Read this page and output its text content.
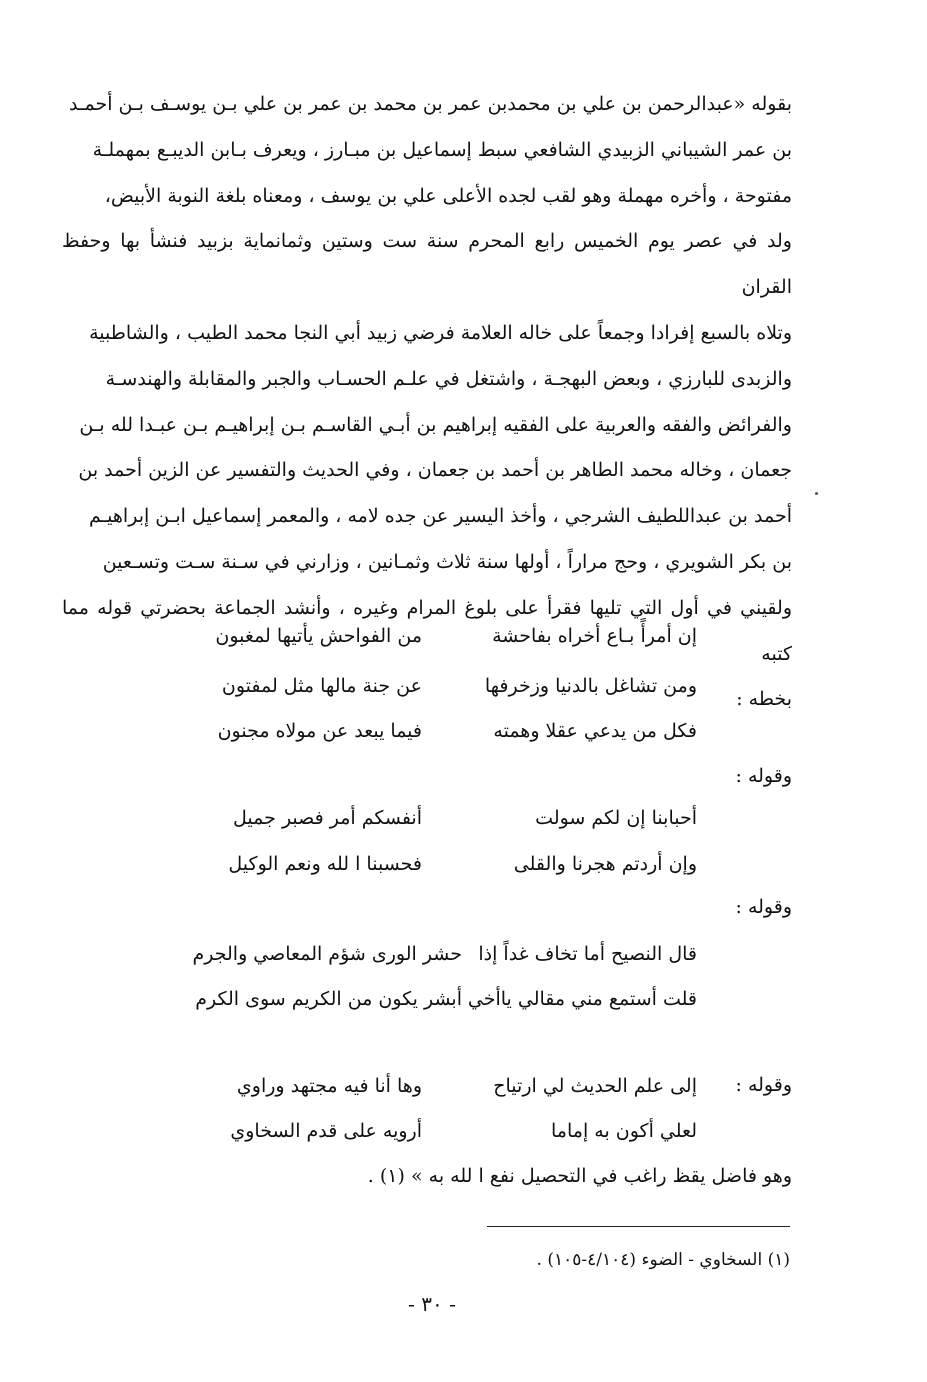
بقوله «عبدالرحمن بن علي بن محمدبن عمر بن محمد بن عمر بن علي بـن يوسـف بـن أحمـد
بن عمر الشيباني الزبيدي الشافعي سبط إسماعيل بن مبـارز ، ويعرف بـابن الديبـع بمهملـة
مفتوحة ، وأخره مهملة وهو لقب لجده الأعلى علي بن يوسف ، ومعناه بلغة النوبة الأبيض،
ولد في عصر يوم الخميس رابع المحرم سنة ست وستين وثمانماية بزبيد فنشأ بها وحفظ القران
وتلاه بالسبع إفرادا وجمعاً على خاله العلامة فرضي زبيد أبي النجا محمد الطيب ، والشاطبية
والزبدى للبارزي ، وبعض البهجـة ، واشتغل في علـم الحسـاب والجبر والمقابلة والهندسـة
والفرائض والفقه والعربية على الفقيه إبراهيم بن أبـي القاسـم بـن إبراهيـم بـن عبـدا لله بـن
جعمان ، وخاله محمد الطاهر بن أحمد بن جعمان ، وفي الحديث والتفسير عن الزين أحمد بن
أحمد بن عبداللطيف الشرجي ، وأخذ اليسير عن جده لامه ، والمعمر إسماعيل ابـن إبراهيـم
بن بكر الشويري ، وحج مراراً ، أولها سنة ثلاث وثمـانين ، وزارني في سـنة سـت وتسـعين
ولقيني في أول التي تليها فقرأ على بلوغ المرام وغيره ، وأنشد الجماعة بحضرتي قوله مما كتبه
بخطه :
إن أمرأً بـاع أخراه بفاحشة
من الفواحش يأتيها لمغبون
ومن تشاغل بالدنيا وزخرفها
عن جنة مالها مثل لمفتون
فكل من يدعي عقلا وهمته
فيما يبعد عن مولاه مجنون
وقوله :
أحبابنا إن لكم سولت
أنفسكم أمر فصبر جميل
وإن أردتم هجرنا والقلى
فحسبنا ا لله ونعم الوكيل
وقوله :
قال النصيح أما تخاف غداً إذا
حشر الورى شؤم المعاصي والجرم
قلت أستمع مني مقالي ياأخي
أبشر يكون من الكريم سوى الكرم
وقوله :
إلى علم الحديث لي ارتياح
وها أنا فيه مجتهد وراوي
لعلي أكون به إماما
أرويه على قدم السخاوي
وهو فاضل يقظ راغب في التحصيل نفع ا لله به » (١) .
(١) السخاوي - الضوء (٤/١٠٤-١٠٥) .
- ٣٠ -
